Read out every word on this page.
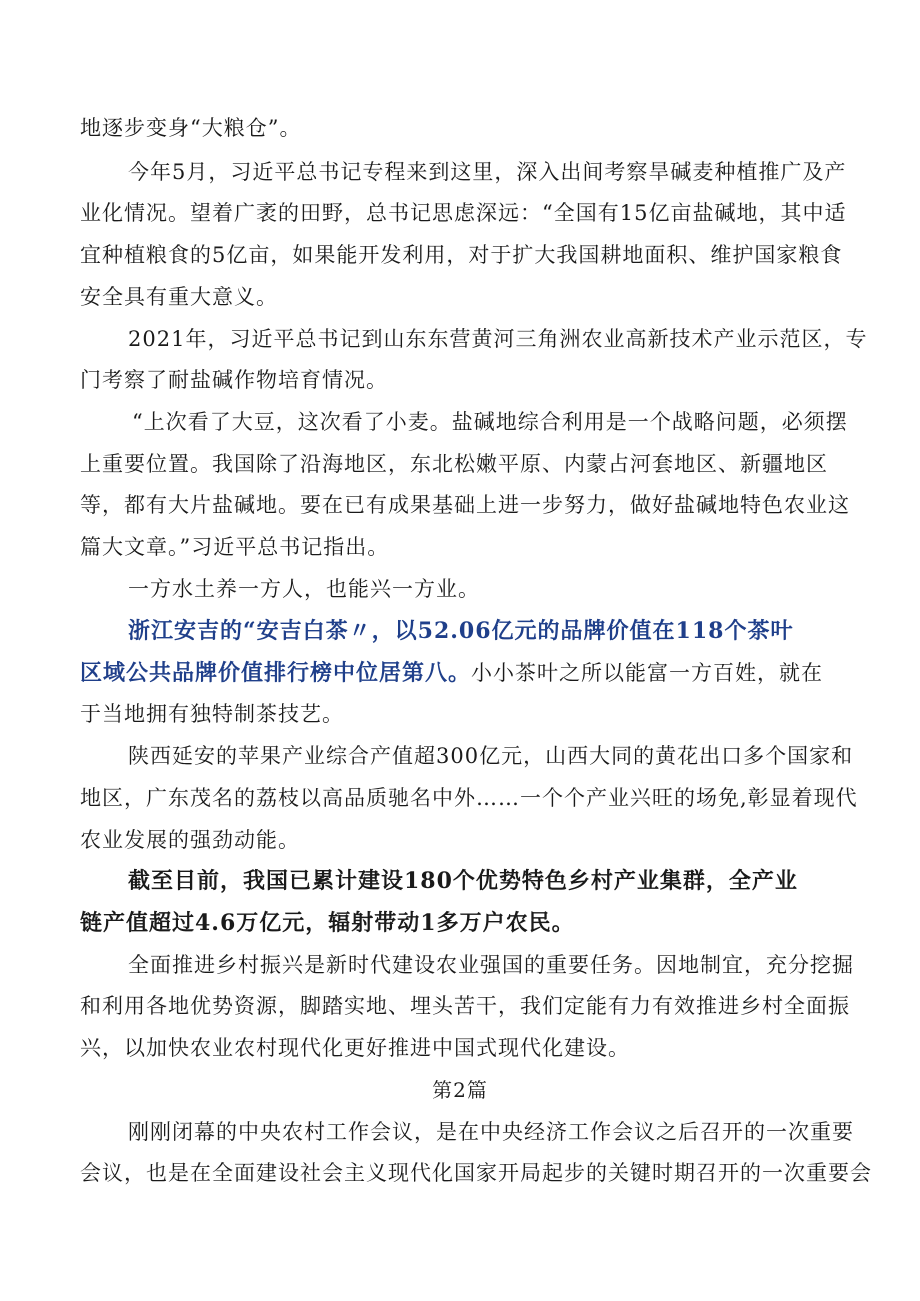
地逐步变身“大粮仓”。
今年5月，习近平总书记专程来到这里，深入出间考察旱碱麦种植推广及产
业化情况。望着广袤的田野，总书记思虑深远：“全国有15亿亩盐碱地，其中适
宜种植粮食的5亿亩，如果能开发利用，对于扩大我国耕地面积、维护国家粮食
安全具有重大意义。
2021年，习近平总书记到山东东营黄河三角洲农业高新技术产业示范区，专
门考察了耐盐碱作物培育情况。
“上次看了大豆，这次看了小麦。盐碱地综合利用是一个战略问题，必须摆
上重要位置。我国除了沿海地区，东北松嫩平原、内蒙占河套地区、新疆地区
等，都有大片盐碱地。要在已有成果基础上进一步努力，做好盐碱地特色农业这
篇大文章。”习近平总书记指出。
一方水土养一方人，也能兴一方业。
浙江安吉的“安吉白茶〃，以52.06亿元的品牌价值在118个茶叶
区域公共品牌价值排行榜中位居第八。小小茶叶之所以能富一方百姓，就在
于当地拥有独特制茶技艺。
陕西延安的苹果产业综合产值超300亿元，山西大同的黄花出口多个国家和
地区，广东茂名的荔枝以高品质驰名中外……一个个产业兴旺的场免,彰显着现代
农业发展的强劲动能。
截至目前，我国已累计建设180个优势特色乡村产业集群，全产业
链产值超过4.6万亿元，辐射带动1多万户农民。
全面推进乡村振兴是新时代建设农业强国的重要任务。因地制宜，充分挖掘
和利用各地优势资源，脚踏实地、埋头苦干，我们定能有力有效推进乡村全面振
兴，以加快农业农村现代化更好推进中国式现代化建设。
第2篇
刚刚闭幕的中央农村工作会议，是在中央经济工作会议之后召开的一次重要
会议，也是在全面建设社会主义现代化国家开局起步的关键时期召开的一次重要会
